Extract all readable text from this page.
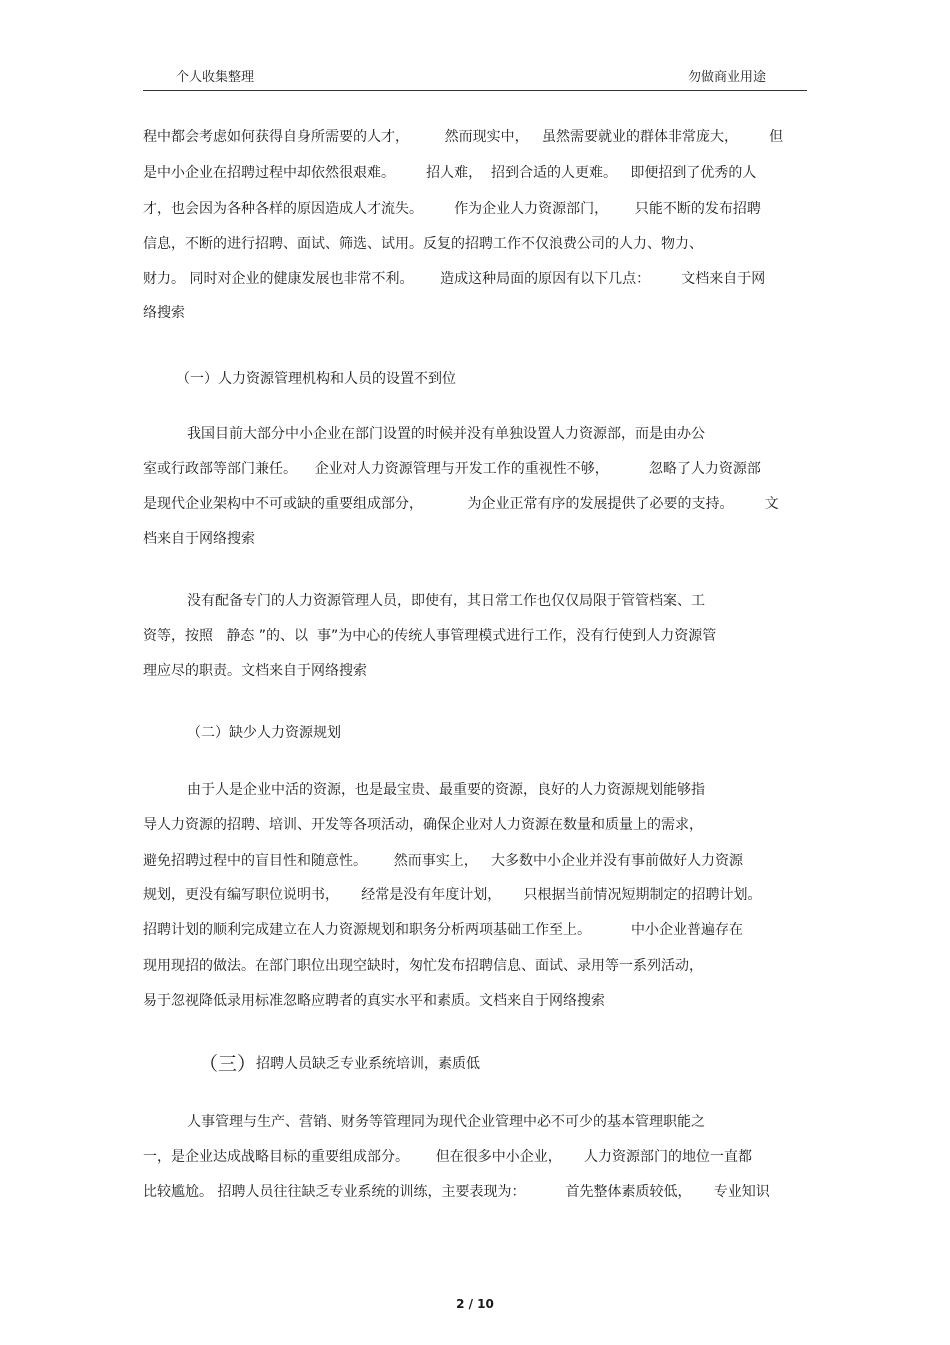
个人收集整理	勿做商业用途
程中都会考虑如何获得自身所需要的人才，        然而现实中，   虽然需要就业的群体非常庞大，       但
是中小企业在招聘过程中却依然很艰难。       招人难，  招到合适的人更难。   即便招到了优秀的人
才，也会因为各种各样的原因造成人才流失。       作为企业人力资源部门，      只能不断的发布招聘
信息，不断的进行招聘、面试、筛选、试用。反复的招聘工作不仅浪费公司的人力、物力、
财力。 同时对企业的健康发展也非常不利。      造成这种局面的原因有以下几点：       文档来自于网
络搜索
（一）人力资源管理机构和人员的设置不到位
我国目前大部分中小企业在部门设置的时候并没有单独设置人力资源部，而是由办公
室或行政部等部门兼任。    企业对人力资源管理与开发工作的重视性不够，         忽略了人力资源部
是现代企业架构中不可或缺的重要组成部分，          为企业正常有序的发展提供了必要的支持。       文
档来自于网络搜索
没有配备专门的人力资源管理人员，即使有，其日常工作也仅仅局限于管管档案、工
资等，按照   静态 ”的、以  事”为中心的传统人事管理模式进行工作，没有行使到人力资源管
理应尽的职责。文档来自于网络搜索
（二）缺少人力资源规划
由于人是企业中活的资源，也是最宝贵、最重要的资源，良好的人力资源规划能够指
导人力资源的招聘、培训、开发等各项活动，确保企业对人力资源在数量和质量上的需求，
避免招聘过程中的盲目性和随意性。      然而事实上，   大多数中小企业并没有事前做好人力资源
规划，更没有编写职位说明书，     经常是没有年度计划，     只根据当前情况短期制定的招聘计划。
招聘计划的顺利完成建立在人力资源规划和职务分析两项基础工作至上。         中小企业普遍存在
现用现招的做法。在部门职位出现空缺时，匆忙发布招聘信息、面试、录用等一系列活动，
易于忽视降低录用标准忽略应聘者的真实水平和素质。文档来自于网络搜索
（三） 招聘人员缺乏专业系统培训，素质低
人事管理与生产、营销、财务等管理同为现代企业管理中必不可少的基本管理职能之
一，是企业达成战略目标的重要组成部分。      但在很多中小企业，     人力资源部门的地位一直都
比较尴尬。 招聘人员往往缺乏专业系统的训练，主要表现为：         首先整体素质较低，     专业知识
2 / 10
